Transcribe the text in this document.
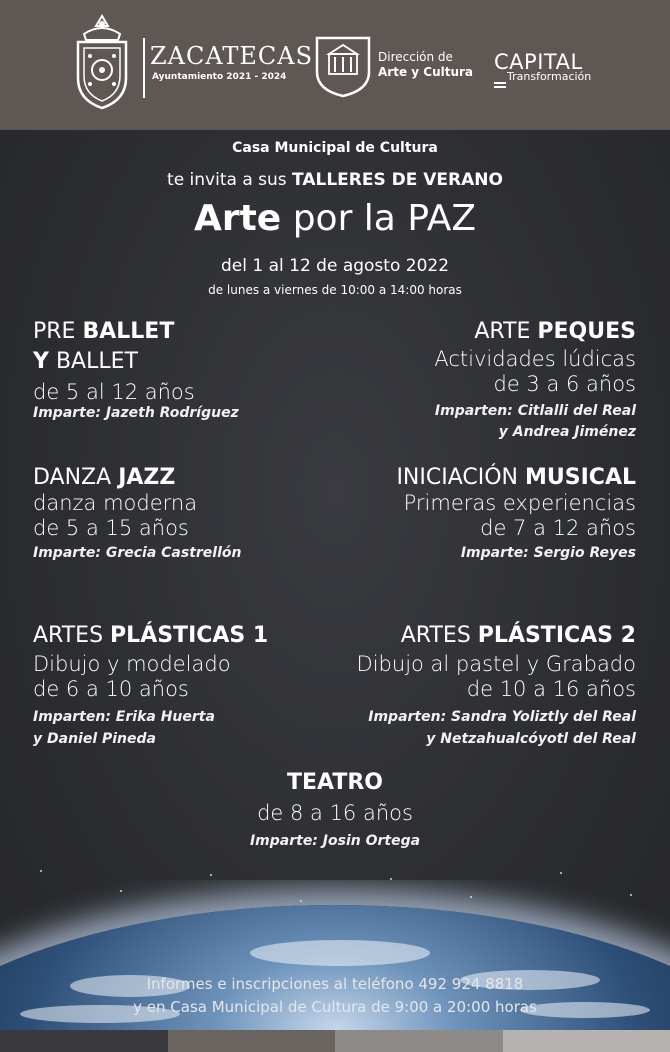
ZACATECAS
Ayuntamiento 2021 - 2024
Dirección de
Arte y Cultura CAPITAL
Transformación
Casa Municipal de Cultura
te invita a sus TALLERES DE VERANO
Arte por la PAZ
del 1 al 12 de agosto 2022
de lunes a viernes de 10:00 a 14:00 horas
PRE BALLET
Y BALLET
de 5 al 12 años
Imparte: Jazeth Rodríguez
ARTE PEQUES
Actividades lúdicas
de 3 a 6 años
Imparten: Citlalli del Real
y Andrea Jiménez
DANZA JAZZ
danza moderna
de 5 a 15 años
Imparte: Grecia Castrellón
INICIACIÓN MUSICAL
Primeras experiencias
de 7 a 12 años
Imparte: Sergio Reyes
ARTES PLÁSTICAS 1
Dibujo y modelado
de 6 a 10 años
Imparten: Erika Huerta
y Daniel Pineda
ARTES PLÁSTICAS 2
Dibujo al pastel y Grabado
de 10 a 16 años
Imparten: Sandra Yoliztly del Real
y Netzahualcóyotl del Real
TEATRO
de 8 a 16 años
Imparte: Josin Ortega
Informes e inscripciones al teléfono 492 924 8818
y en Casa Municipal de Cultura de 9:00 a 20:00 horas
